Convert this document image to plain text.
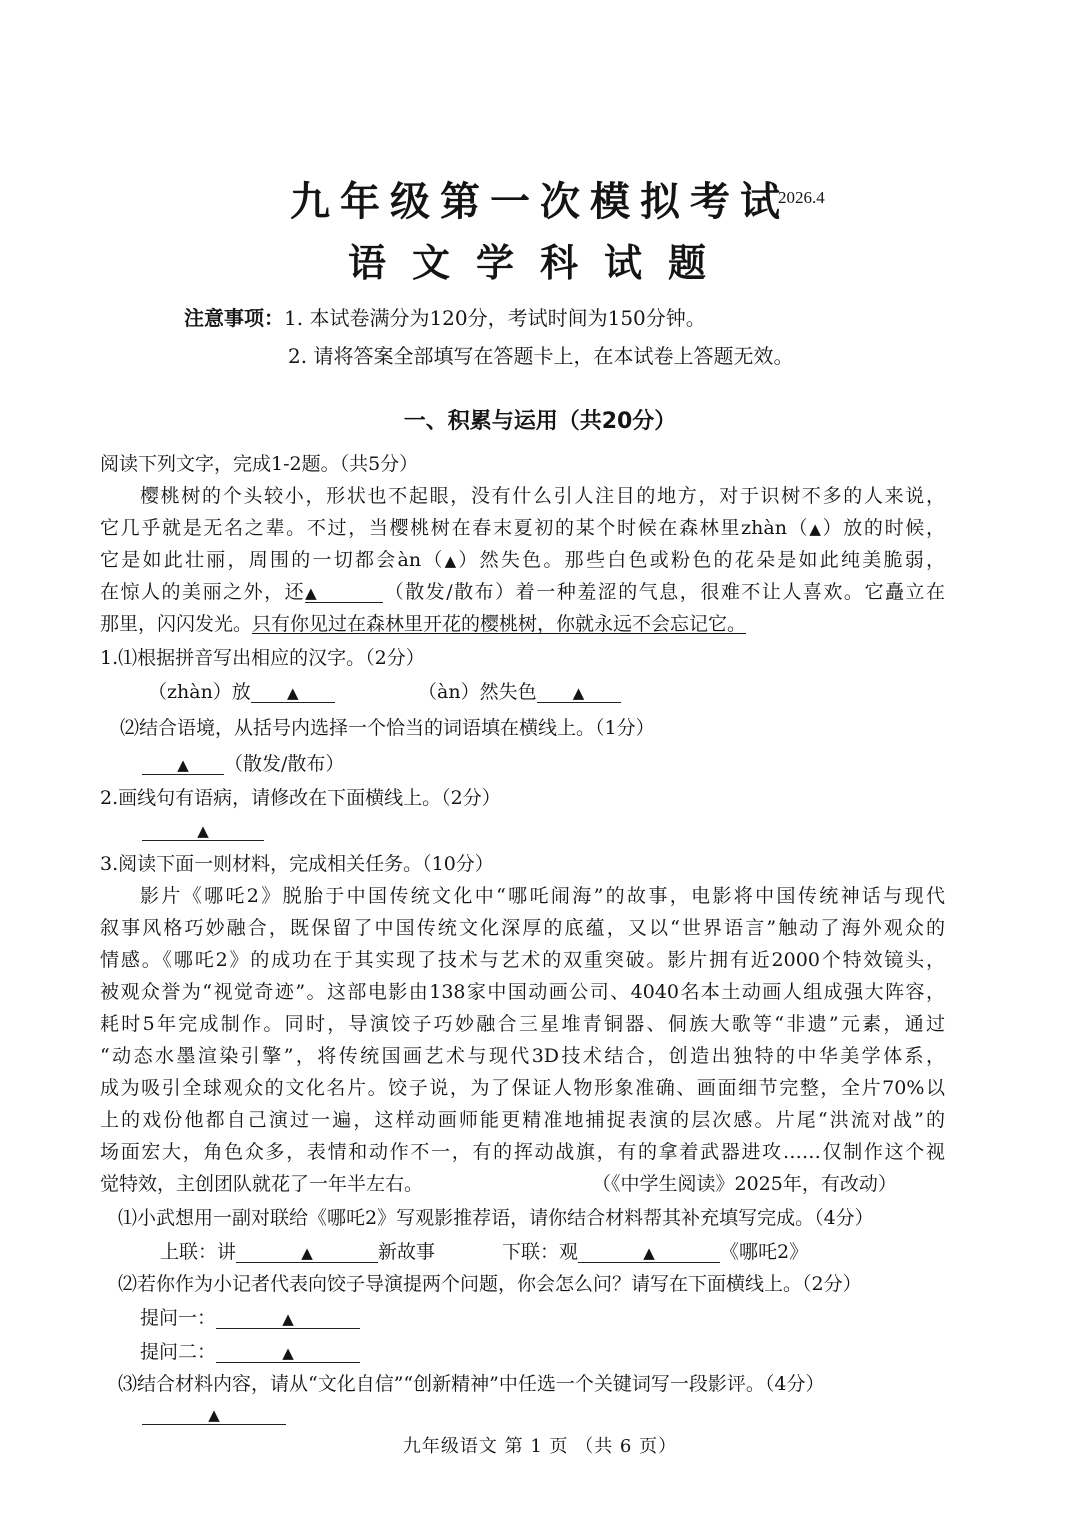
九年级第一次模拟考试
2026.4
语文学科试题
注意事项：1. 本试卷满分为120分，考试时间为150分钟。
2. 请将答案全部填写在答题卡上，在本试卷上答题无效。
一、积累与运用（共20分）
阅读下列文字，完成1-2题。（共5分）
樱桃树的个头较小，形状也不起眼，没有什么引人注目的地方，对于识树不多的人来说，
它几乎就是无名之辈。不过，当樱桃树在春末夏初的某个时候在森林里zhàn（▲）放的时候，
它是如此壮丽，周围的一切都会àn（▲）然失色。那些白色或粉色的花朵是如此纯美脆弱，
在惊人的美丽之外，还▲	（散发/散布）着一种羞涩的气息，很难不让人喜欢。它矗立在
那里，闪闪发光。只有你见过在森林里开花的樱桃树，你就永远不会忘记它。
1.⑴根据拼音写出相应的汉字。（2分）
（zhàn）放 ▲	（àn）然失色 ▲
⑵结合语境，从括号内选择一个恰当的词语填在横线上。（1分）
▲ （散发/散布）
2.画线句有语病，请修改在下面横线上。（2分）
▲
3.阅读下面一则材料，完成相关任务。（10分）
影片《哪吒2》脱胎于中国传统文化中“哪吒闹海”的故事，电影将中国传统神话与现代
叙事风格巧妙融合，既保留了中国传统文化深厚的底蕴，又以“世界语言”触动了海外观众的
情感。《哪吒2》的成功在于其实现了技术与艺术的双重突破。影片拥有近2000个特效镜头，
被观众誉为“视觉奇迹”。这部电影由138家中国动画公司、4040名本土动画人组成强大阵容，
耗时5年完成制作。同时，导演饺子巧妙融合三星堆青铜器、侗族大歌等“非遗”元素，通过
“动态水墨渲染引擎”，将传统国画艺术与现代3D技术结合，创造出独特的中华美学体系，
成为吸引全球观众的文化名片。饺子说，为了保证人物形象准确、画面细节完整，全片70%以
上的戏份他都自己演过一遍，这样动画师能更精准地捕捉表演的层次感。片尾“洪流对战”的
场面宏大，角色众多，表情和动作不一，有的挥动战旗，有的拿着武器进攻……仅制作这个视
觉特效，主创团队就花了一年半左右。	（《中学生阅读》2025年，有改动）
⑴小武想用一副对联给《哪吒2》写观影推荐语，请你结合材料帮其补充填写完成。（4分）
上联：讲	▲	新故事	下联：观	▲	《哪吒2》
⑵若你作为小记者代表向饺子导演提两个问题，你会怎么问？请写在下面横线上。（2分）
提问一：	▲
提问二：	▲
⑶结合材料内容，请从“文化自信”“创新精神”中任选一个关键词写一段影评。（4分）
▲
九年级语文 第 1 页 （共 6 页）
